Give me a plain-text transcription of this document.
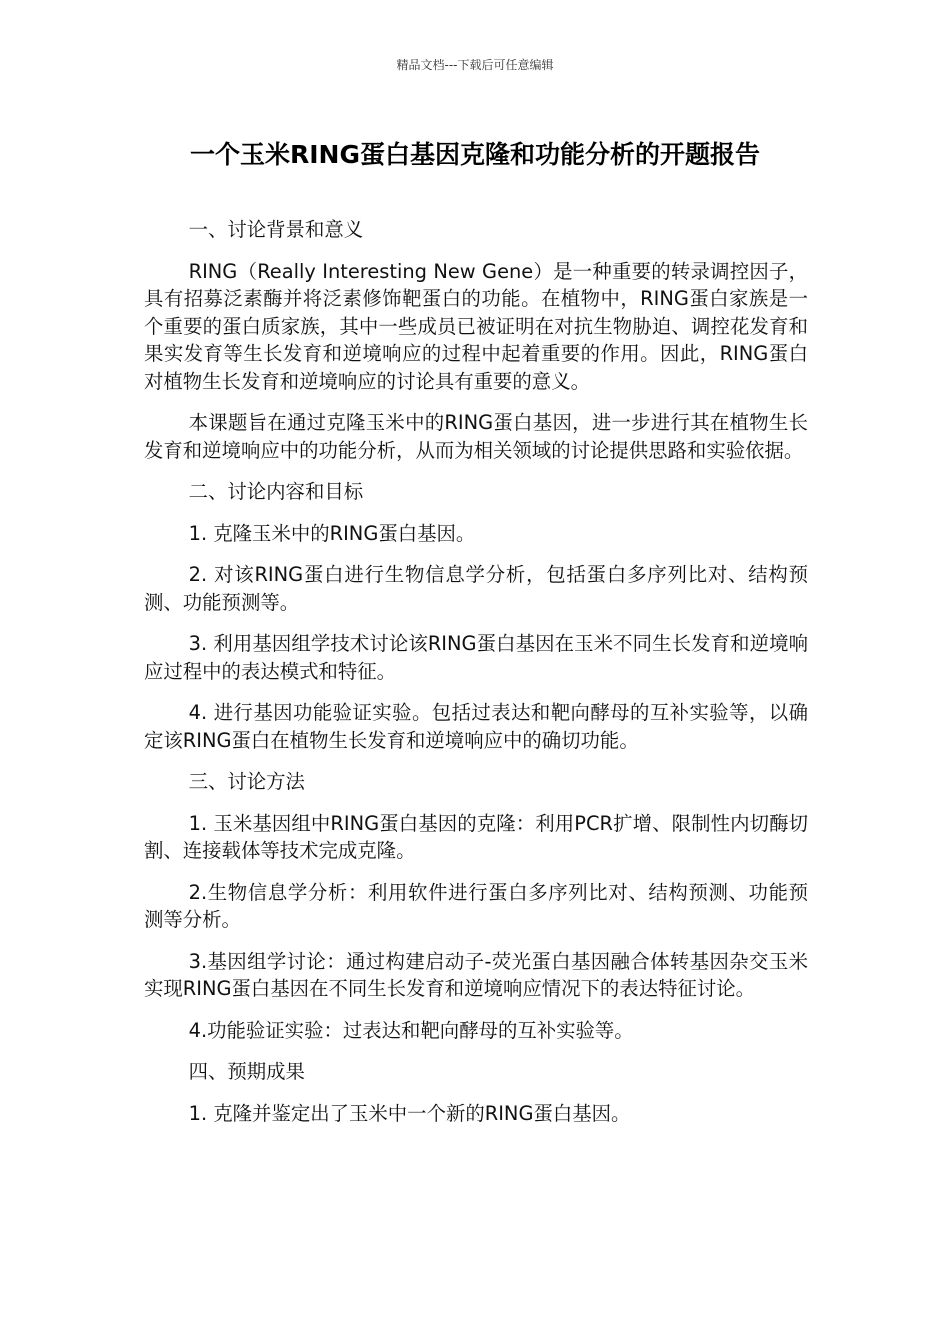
精品文档---下载后可任意编辑
一个玉米RING蛋白基因克隆和功能分析的开题报告

一、讨论背景和意义

RING（Really Interesting New Gene）是一种重要的转录调控因子，具有招募泛素酶并将泛素修饰靶蛋白的功能。在植物中，RING蛋白家族是一个重要的蛋白质家族，其中一些成员已被证明在对抗生物胁迫、调控花发育和果实发育等生长发育和逆境响应的过程中起着重要的作用。因此，RING蛋白对植物生长发育和逆境响应的讨论具有重要的意义。

本课题旨在通过克隆玉米中的RING蛋白基因，进一步进行其在植物生长发育和逆境响应中的功能分析，从而为相关领域的讨论提供思路和实验依据。

二、讨论内容和目标

1. 克隆玉米中的RING蛋白基因。

2. 对该RING蛋白进行生物信息学分析，包括蛋白多序列比对、结构预测、功能预测等。

3. 利用基因组学技术讨论该RING蛋白基因在玉米不同生长发育和逆境响应过程中的表达模式和特征。

4. 进行基因功能验证实验。包括过表达和靶向酵母的互补实验等，以确定该RING蛋白在植物生长发育和逆境响应中的确切功能。

三、讨论方法

1. 玉米基因组中RING蛋白基因的克隆：利用PCR扩增、限制性内切酶切割、连接载体等技术完成克隆。

2.生物信息学分析：利用软件进行蛋白多序列比对、结构预测、功能预测等分析。

3.基因组学讨论：通过构建启动子-荧光蛋白基因融合体转基因杂交玉米实现RING蛋白基因在不同生长发育和逆境响应情况下的表达特征讨论。

4.功能验证实验：过表达和靶向酵母的互补实验等。

四、预期成果

1. 克隆并鉴定出了玉米中一个新的RING蛋白基因。
